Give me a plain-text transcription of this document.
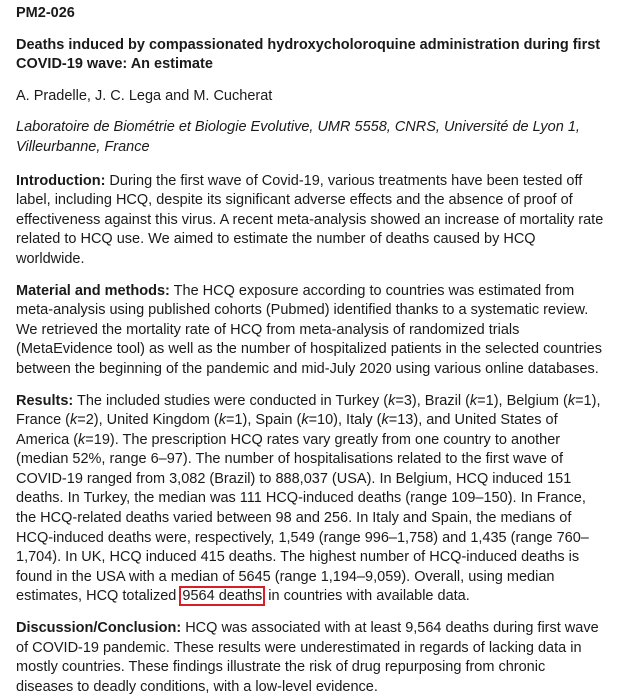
PM2-026
Deaths induced by compassionated hydroxycholoroquine administration during first COVID-19 wave: An estimate
A. Pradelle, J. C. Lega and M. Cucherat
Laboratoire de Biométrie et Biologie Evolutive, UMR 5558, CNRS, Université de Lyon 1, Villeurbanne, France
Introduction: During the first wave of Covid-19, various treatments have been tested off label, including HCQ, despite its significant adverse effects and the absence of proof of effectiveness against this virus. A recent meta-analysis showed an increase of mortality rate related to HCQ use. We aimed to estimate the number of deaths caused by HCQ worldwide.
Material and methods: The HCQ exposure according to countries was estimated from meta-analysis using published cohorts (Pubmed) identified thanks to a systematic review. We retrieved the mortality rate of HCQ from meta-analysis of randomized trials (MetaEvidence tool) as well as the number of hospitalized patients in the selected countries between the beginning of the pandemic and mid-July 2020 using various online databases.
Results: The included studies were conducted in Turkey (k=3), Brazil (k=1), Belgium (k=1), France (k=2), United Kingdom (k=1), Spain (k=10), Italy (k=13), and United States of America (k=19). The prescription HCQ rates vary greatly from one country to another (median 52%, range 6–97). The number of hospitalisations related to the first wave of COVID-19 ranged from 3,082 (Brazil) to 888,037 (USA). In Belgium, HCQ induced 151 deaths. In Turkey, the median was 111 HCQ-induced deaths (range 109–150). In France, the HCQ-related deaths varied between 98 and 256. In Italy and Spain, the medians of HCQ-induced deaths were, respectively, 1,549 (range 996–1,758) and 1,435 (range 760–1,704). In UK, HCQ induced 415 deaths. The highest number of HCQ-induced deaths is found in the USA with a median of 5645 (range 1,194–9,059). Overall, using median estimates, HCQ totalized 9564 deaths in countries with available data.
Discussion/Conclusion: HCQ was associated with at least 9,564 deaths during first wave of COVID-19 pandemic. These results were underestimated in regards of lacking data in mostly countries. These findings illustrate the risk of drug repurposing from chronic diseases to deadly conditions, with a low-level evidence.
